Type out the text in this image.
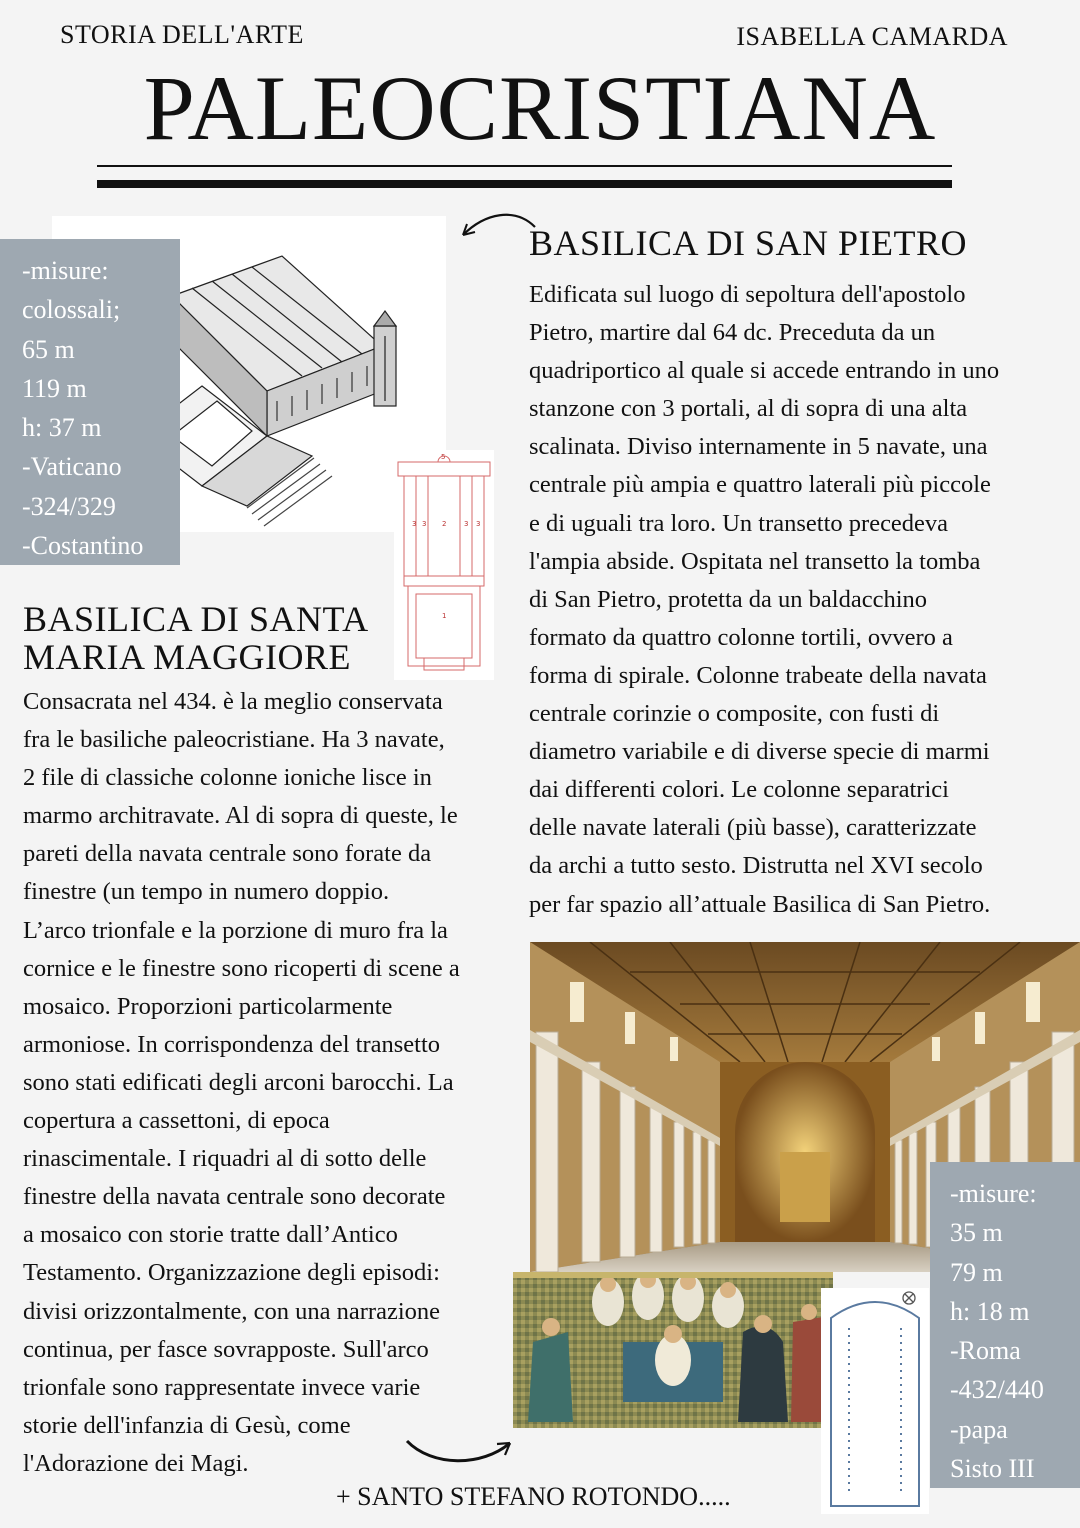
STORIA DELL'ARTE	ISABELLA CAMARDA
PALEOCRISTIANA
3 3 2	3 3
1
5
-misure:
colossali;
65 m
119 m
h: 37 m
-Vaticano
-324/329
-Costantino
BASILICA DI SAN PIETRO
Edificata sul luogo di sepoltura dell'apostolo
Pietro, martire dal 64 dc. Preceduta da un
quadriportico al quale si accede entrando in uno
stanzone con 3 portali, al di sopra di una alta
scalinata. Diviso internamente in 5 navate, una
centrale più ampia e quattro laterali più piccole
e di uguali tra loro. Un transetto precedeva
l'ampia abside. Ospitata nel transetto la tomba
di San Pietro, protetta da un baldacchino
formato da quattro colonne tortili, ovvero a
forma di spirale. Colonne trabeate della navata
centrale corinzie o composite, con fusti di
diametro variabile e di diverse specie di marmi
dai differenti colori. Le colonne separatrici
delle navate laterali (più basse), caratterizzate
da archi a tutto sesto. Distrutta nel XVI secolo
per far spazio all’attuale Basilica di San Pietro.
BASILICA DI SANTA
MARIA MAGGIORE
Consacrata nel 434. è la meglio conservata
fra le basiliche paleocristiane. Ha 3 navate,
2 file di classiche colonne ioniche lisce in
marmo architravate. Al di sopra di queste, le
pareti della navata centrale sono forate da
finestre (un tempo in numero doppio.
L’arco trionfale e la porzione di muro fra la
cornice e le finestre sono ricoperti di scene a
mosaico. Proporzioni particolarmente
armoniose. In corrispondenza del transetto
sono stati edificati degli arconi barocchi. La
copertura a cassettoni, di epoca
rinascimentale. I riquadri al di sotto delle
finestre della navata centrale sono decorate
a mosaico con storie tratte dall’Antico
Testamento. Organizzazione degli episodi:
divisi orizzontalmente, con una narrazione
continua, per fasce sovrapposte. Sull'arco
trionfale sono rappresentate invece varie
storie dell'infanzia di Gesù, come
l'Adorazione dei Magi.
-misure:
35 m
79 m
h: 18 m
-Roma
-432/440
-papa
Sisto III
+ SANTO STEFANO ROTONDO.....
